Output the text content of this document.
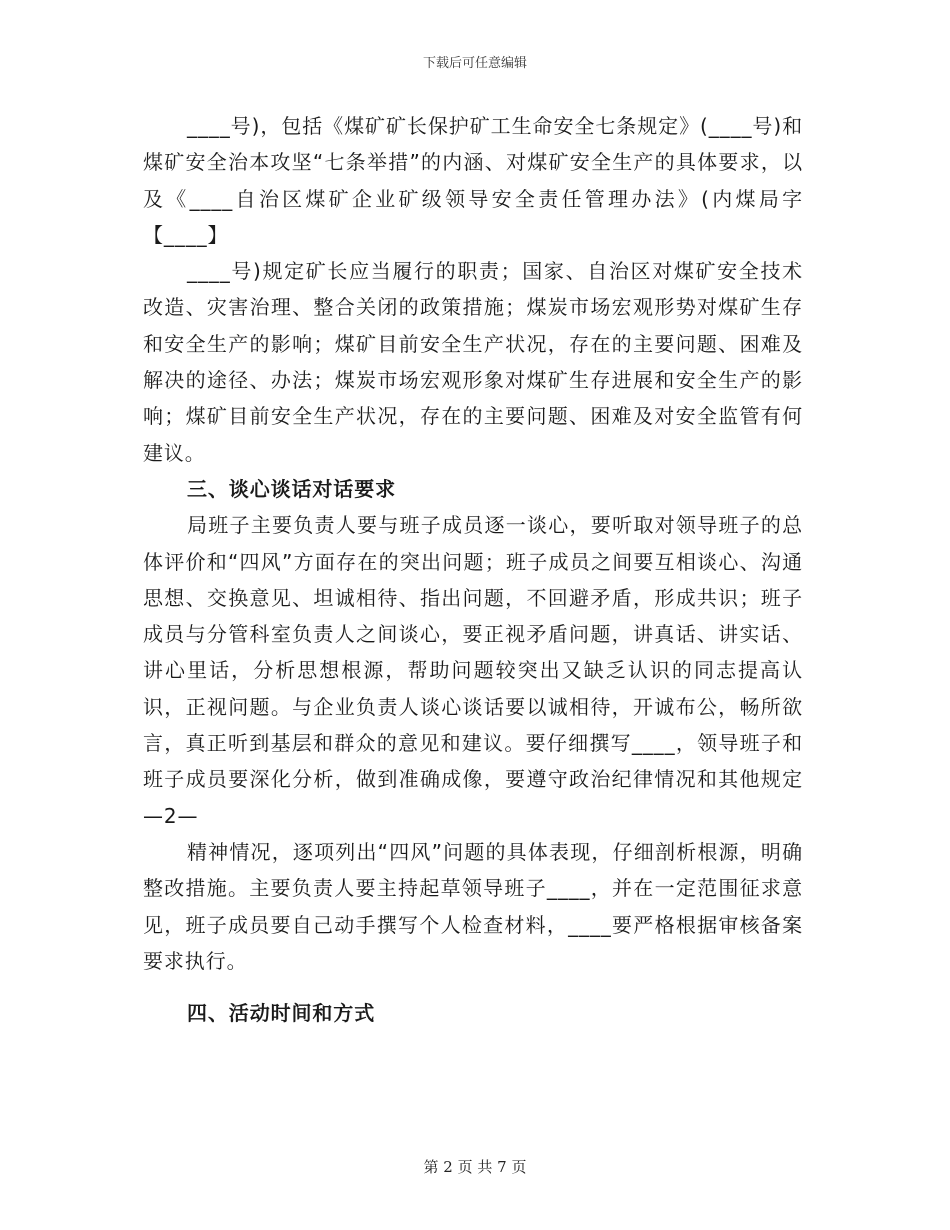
下载后可任意编辑

____号)，包括《煤矿矿长保护矿工生命安全七条规定》(____号)和煤矿安全治本攻坚“七条举措”的内涵、对煤矿安全生产的具体要求，以及《____自治区煤矿企业矿级领导安全责任管理办法》(内煤局字【____】

____号)规定矿长应当履行的职责；国家、自治区对煤矿安全技术改造、灾害治理、整合关闭的政策措施；煤炭市场宏观形势对煤矿生存和安全生产的影响；煤矿目前安全生产状况，存在的主要问题、困难及解决的途径、办法；煤炭市场宏观形象对煤矿生存进展和安全生产的影响；煤矿目前安全生产状况，存在的主要问题、困难及对安全监管有何建议。

三、谈心谈话对话要求

局班子主要负责人要与班子成员逐一谈心，要听取对领导班子的总体评价和“四风”方面存在的突出问题；班子成员之间要互相谈心、沟通思想、交换意见、坦诚相待、指出问题，不回避矛盾，形成共识；班子成员与分管科室负责人之间谈心，要正视矛盾问题，讲真话、讲实话、讲心里话，分析思想根源，帮助问题较突出又缺乏认识的同志提高认识，正视问题。与企业负责人谈心谈话要以诚相待，开诚布公，畅所欲言，真正听到基层和群众的意见和建议。要仔细撰写____，领导班子和班子成员要深化分析，做到准确成像，要遵守政治纪律情况和其他规定—2—

精神情况，逐项列出“四风”问题的具体表现，仔细剖析根源，明确整改措施。主要负责人要主持起草领导班子____，并在一定范围征求意见，班子成员要自己动手撰写个人检查材料，____要严格根据审核备案要求执行。

四、活动时间和方式

第 2 页 共 7 页
